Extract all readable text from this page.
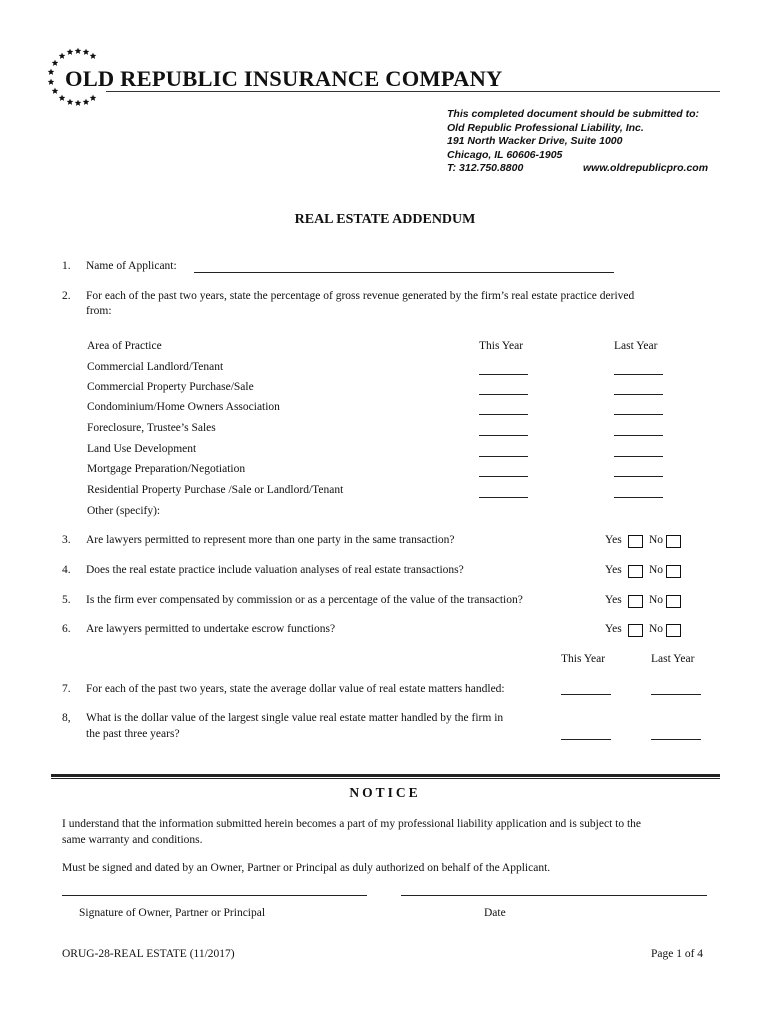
OLD REPUBLIC INSURANCE COMPANY
This completed document should be submitted to:
Old Republic Professional Liability, Inc.
191 North Wacker Drive, Suite 1000
Chicago, IL 60606-1905
T: 312.750.8800	www.oldrepublicpro.com
REAL ESTATE ADDENDUM
1. Name of Applicant:
2. For each of the past two years, state the percentage of gross revenue generated by the firm’s real estate practice derived
from:
Area of Practice	This Year	Last Year
Commercial Landlord/Tenant
Commercial Property Purchase/Sale
Condominium/Home Owners Association
Foreclosure, Trustee’s Sales
Land Use Development
Mortgage Preparation/Negotiation
Residential Property Purchase /Sale or Landlord/Tenant
Other (specify):
3. Are lawyers permitted to represent more than one party in the same transaction?	Yes No
4. Does the real estate practice include valuation analyses of real estate transactions?	Yes No
5. Is the firm ever compensated by commission or as a percentage of the value of the transaction?	Yes No
6. Are lawyers permitted to undertake escrow functions?	Yes No
This Year	Last Year
7. For each of the past two years, state the average dollar value of real estate matters handled:
8, What is the dollar value of the largest single value real estate matter handled by the firm in
the past three years?
NOTICE
I understand that the information submitted herein becomes a part of my professional liability application and is subject to the
same warranty and conditions.
Must be signed and dated by an Owner, Partner or Principal as duly authorized on behalf of the Applicant.
Signature of Owner, Partner or Principal	Date
ORUG-28-REAL ESTATE (11/2017)	Page 1 of 4
